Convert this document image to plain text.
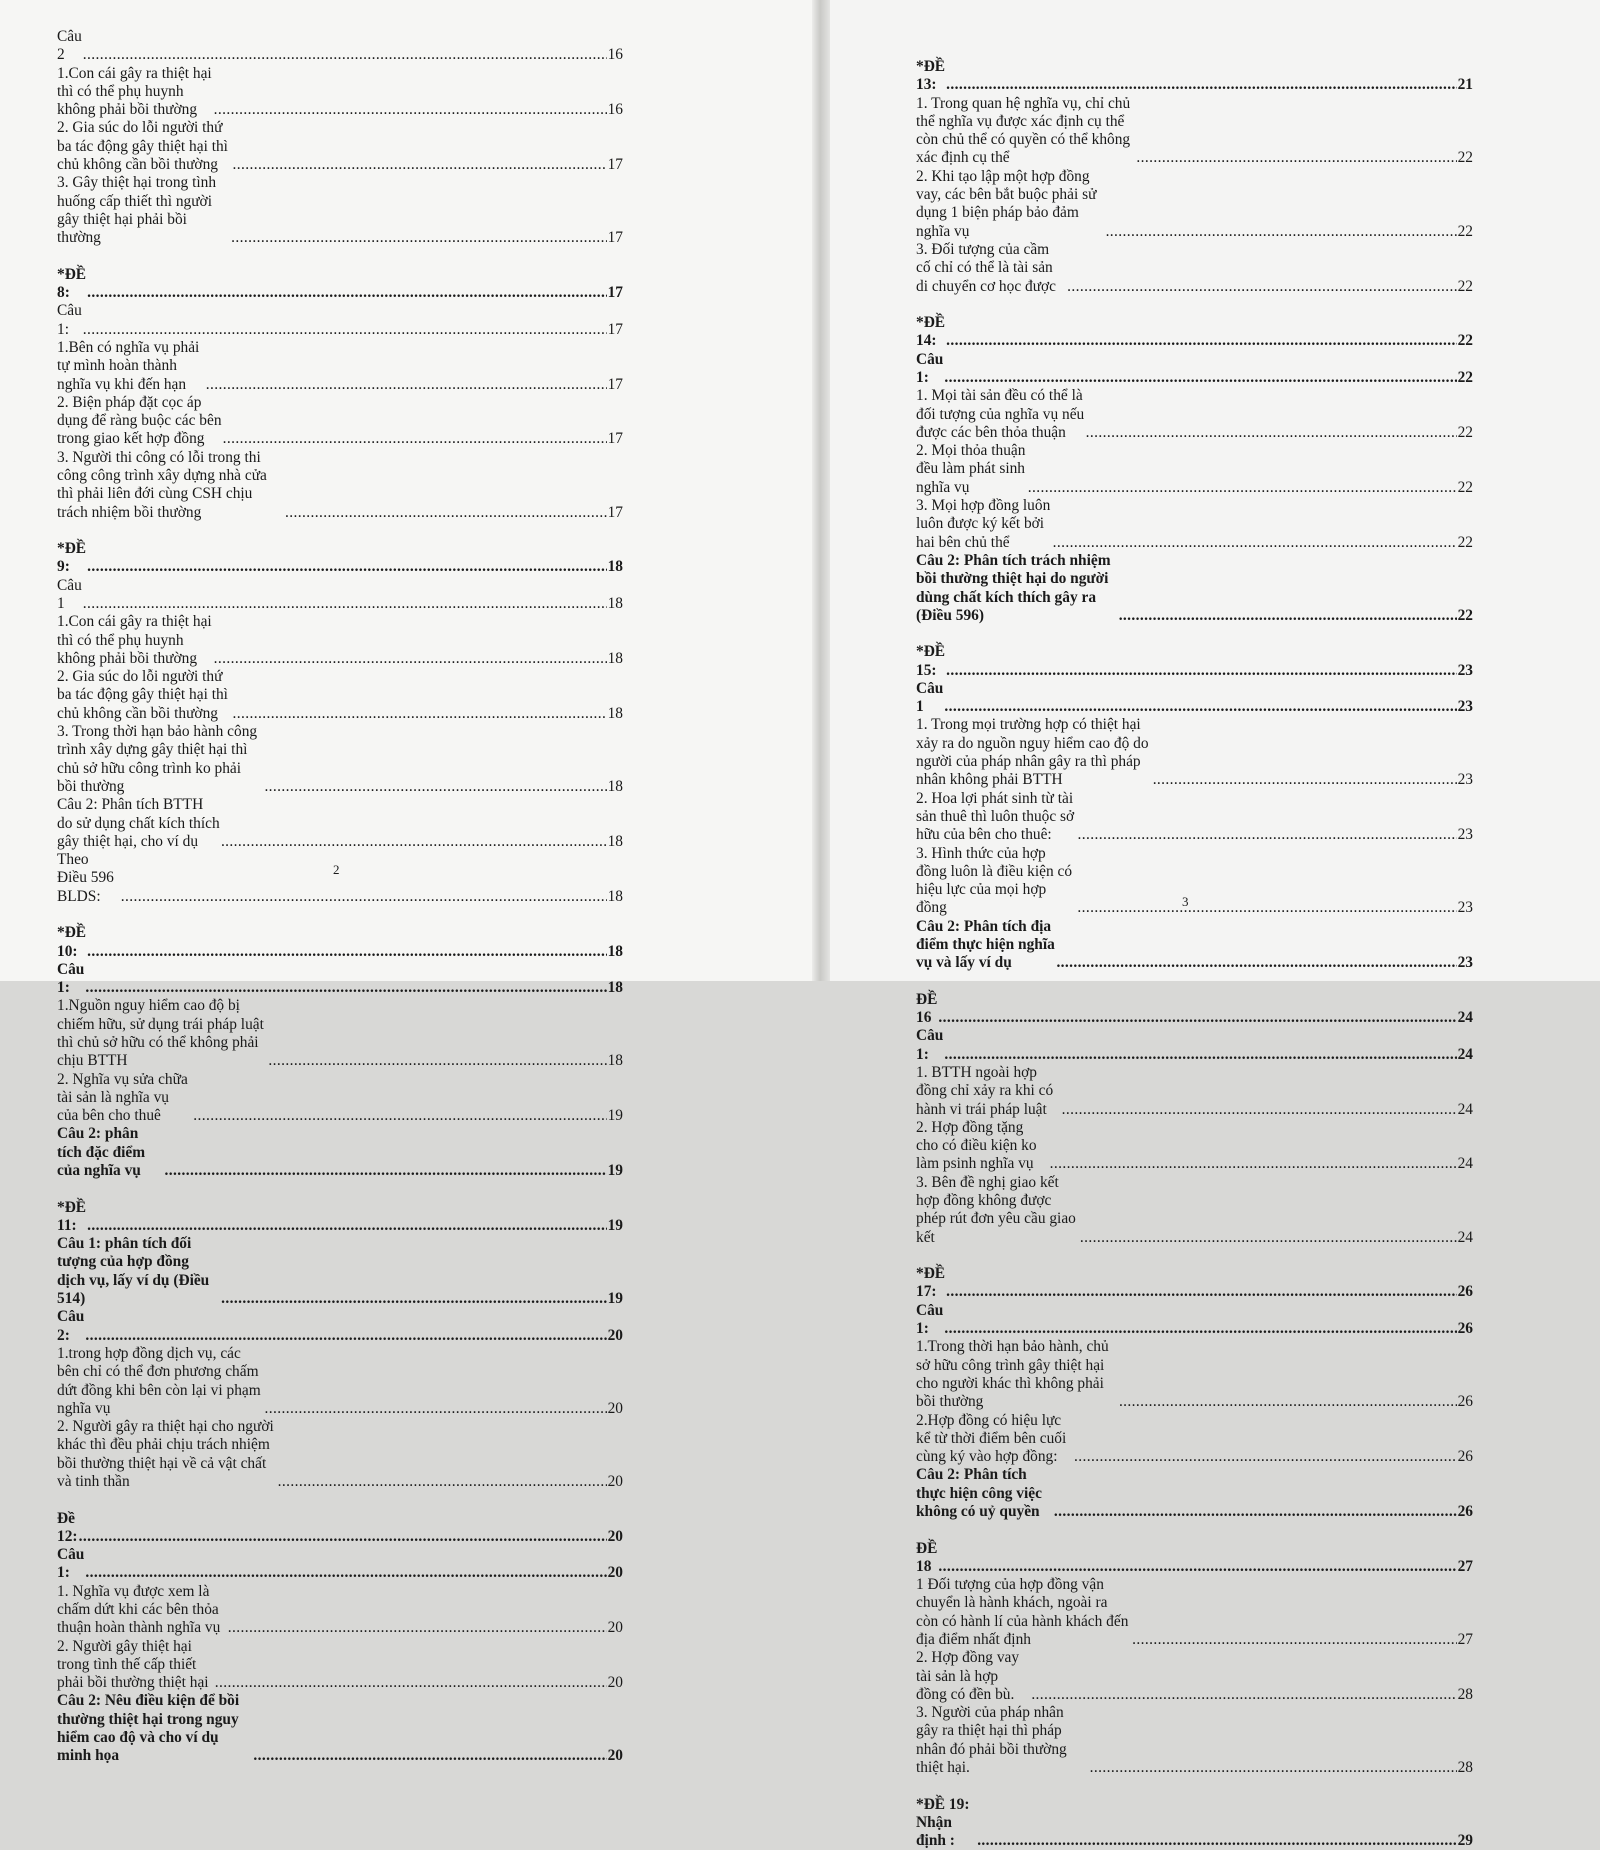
Câu 2 .....	16
1.Con cái gây ra thiệt hại thì có thể phụ huynh không phải bồi thường .....	16
2. Gia súc do lỗi người thứ ba tác động gây thiệt hại thì chủ không cần bồi thường .....	17
3. Gây thiệt hại trong tình huống cấp thiết thì người gây thiệt hại phải bồi thường .....	17
*ĐỀ 8: .....	17
Câu 1: .....	17
1.Bên có nghĩa vụ phải tự mình hoàn thành nghĩa vụ khi đến hạn .....	17
2. Biện pháp đặt cọc áp dụng để ràng buộc các bên trong giao kết hợp đồng .....	17
3. Người thi công có lỗi trong thi công công trình xây dựng nhà cửa thì phải liên đới cùng CSH chịu trách nhiệm bồi thường .....	17
*ĐỀ 9: .....	18
Câu 1 .....	18
1.Con cái gây ra thiệt hại thì có thể phụ huynh không phải bồi thường .....	18
2. Gia súc do lỗi người thứ ba tác động gây thiệt hại thì chủ không cần bồi thường .....	18
3. Trong thời hạn bảo hành công trình xây dựng gây thiệt hại thì chủ sở hữu công trình ko phải bồi thường .....	18
Câu 2: Phân tích BTTH do sử dụng chất kích thích gây thiệt hại, cho ví dụ .....	18
Theo Điều 596 BLDS: .....	18
*ĐỀ 10: .....	18
Câu 1: .....	18
1.Nguồn nguy hiểm cao độ bị chiếm hữu, sử dụng trái pháp luật thì chủ sở hữu có thể không phải chịu BTTH .....	18
2. Nghĩa vụ sửa chữa tài sản là nghĩa vụ của bên cho thuê .....	19
Câu 2: phân tích đặc điểm của nghĩa vụ .....	19
*ĐỀ 11: .....	19
Câu 1: phân tích đối tượng của hợp đồng dịch vụ, lấy ví dụ (Điều 514) .....	19
Câu 2: .....	20
1.trong hợp đồng dịch vụ, các bên chỉ có thể đơn phương chấm dứt đồng khi bên còn lại vi phạm nghĩa vụ .....	20
2. Người gây ra thiệt hại cho người khác thì đều phải chịu trách nhiệm bồi thường thiệt hại về cả vật chất và tinh thần .....	20
Đề 12: .....	20
Câu 1: .....	20
1. Nghĩa vụ được xem là chấm dứt khi các bên thỏa thuận hoàn thành nghĩa vụ .....	20
2. Người gây thiệt hại trong tình thế cấp thiết phải bồi thường thiệt hại .....	20
Câu 2: Nêu điều kiện để bồi thường thiệt hại trong nguy hiểm cao độ và cho ví dụ minh họa .....	20
2
*ĐỀ 13: .....	21
1. Trong quan hệ nghĩa vụ, chỉ chủ thể nghĩa vụ được xác định cụ thể còn chủ thể có quyền có thể không xác định cụ thể .....	22
2. Khi tạo lập một hợp đồng vay, các bên bắt buộc phải sử dụng 1 biện pháp bảo đảm nghĩa vụ .....	22
3. Đối tượng của cầm cố chỉ có thể là tài sản di chuyển cơ học được .....	22
*ĐỀ 14: .....	22
Câu 1: .....	22
1. Mọi tài sản đều có thể là đối tượng của nghĩa vụ nếu được các bên thỏa thuận .....	22
2. Mọi thỏa thuận đều làm phát sinh nghĩa vụ .....	22
3. Mọi hợp đồng luôn luôn được ký kết bởi hai bên chủ thể .....	22
Câu 2: Phân tích trách nhiệm bồi thường thiệt hại do người dùng chất kích thích gây ra (Điều 596) .....	22
*ĐỀ 15: .....	23
Câu 1 .....	23
1. Trong mọi trường hợp có thiệt hại xảy ra do nguồn nguy hiểm cao độ do người của pháp nhân gây ra thì pháp nhân không phải BTTH .....	23
2. Hoa lợi phát sinh từ tài sản thuê thì luôn thuộc sở hữu của bên cho thuê: .....	23
3. Hình thức của hợp đồng luôn là điều kiện có hiệu lực của mọi hợp đồng .....	23
Câu 2: Phân tích địa điểm thực hiện nghĩa vụ và lấy ví dụ .....	23
ĐỀ 16 .....	24
Câu 1: .....	24
1. BTTH ngoài hợp đồng chỉ xảy ra khi có hành vi trái pháp luật .....	24
2. Hợp đồng tặng cho có điều kiện ko làm psinh nghĩa vụ .....	24
3. Bên đề nghị giao kết hợp đồng không được phép rút đơn yêu cầu giao kết .....	24
*ĐỀ 17: .....	26
Câu 1: .....	26
1.Trong thời hạn bảo hành, chủ sở hữu công trình gây thiệt hại cho người khác thì không phải bồi thường .....	26
2.Hợp đồng có hiệu lực kể từ thời điểm bên cuối cùng ký vào hợp đồng: .....	26
Câu 2: Phân tích thực hiện công việc không có uỷ quyền .....	26
ĐỀ 18 .....	27
1 Đối tượng của hợp đồng vận chuyển là hành khách, ngoài ra còn có hành lí của hành khách đến địa điểm nhất định .....	27
2. Hợp đồng vay tài sản là hợp đồng có đền bù. .....	28
3. Người của pháp nhân gây ra thiệt hại thì pháp nhân đó phải bồi thường thiệt hại. .....	28
*ĐỀ 19: Nhận định : .....	29
3
